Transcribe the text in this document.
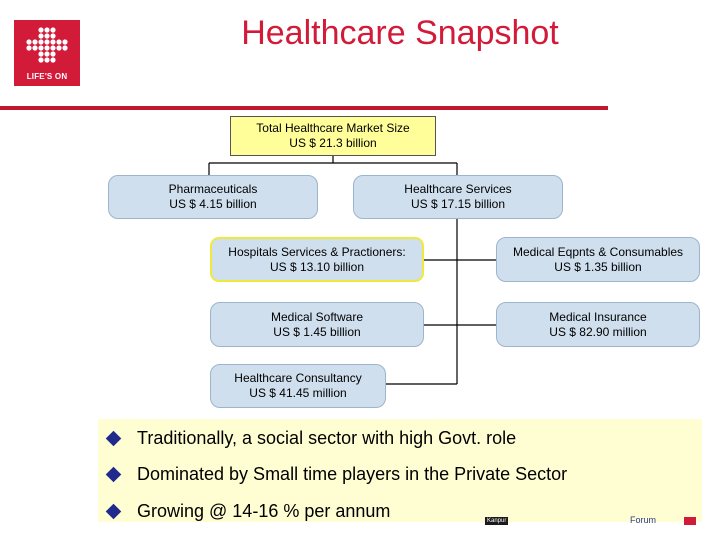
LIFE'S ON
Healthcare Snapshot
Total Healthcare Market Size
US $ 21.3 billion
Pharmaceuticals
US $ 4.15 billion
Healthcare Services
US $ 17.15 billion
Hospitals Services & Practioners:
US $ 13.10 billion
Medical Eqpnts & Consumables
US $ 1.35 billion
Medical Software
US $ 1.45 billion
Medical Insurance
US $ 82.90 million
Healthcare Consultancy
US $ 41.45 million
Traditionally, a social sector with high Govt. role
Dominated by Small time players in the Private Sector
Growing @ 14-16 % per annum	Kanpur	Forum
